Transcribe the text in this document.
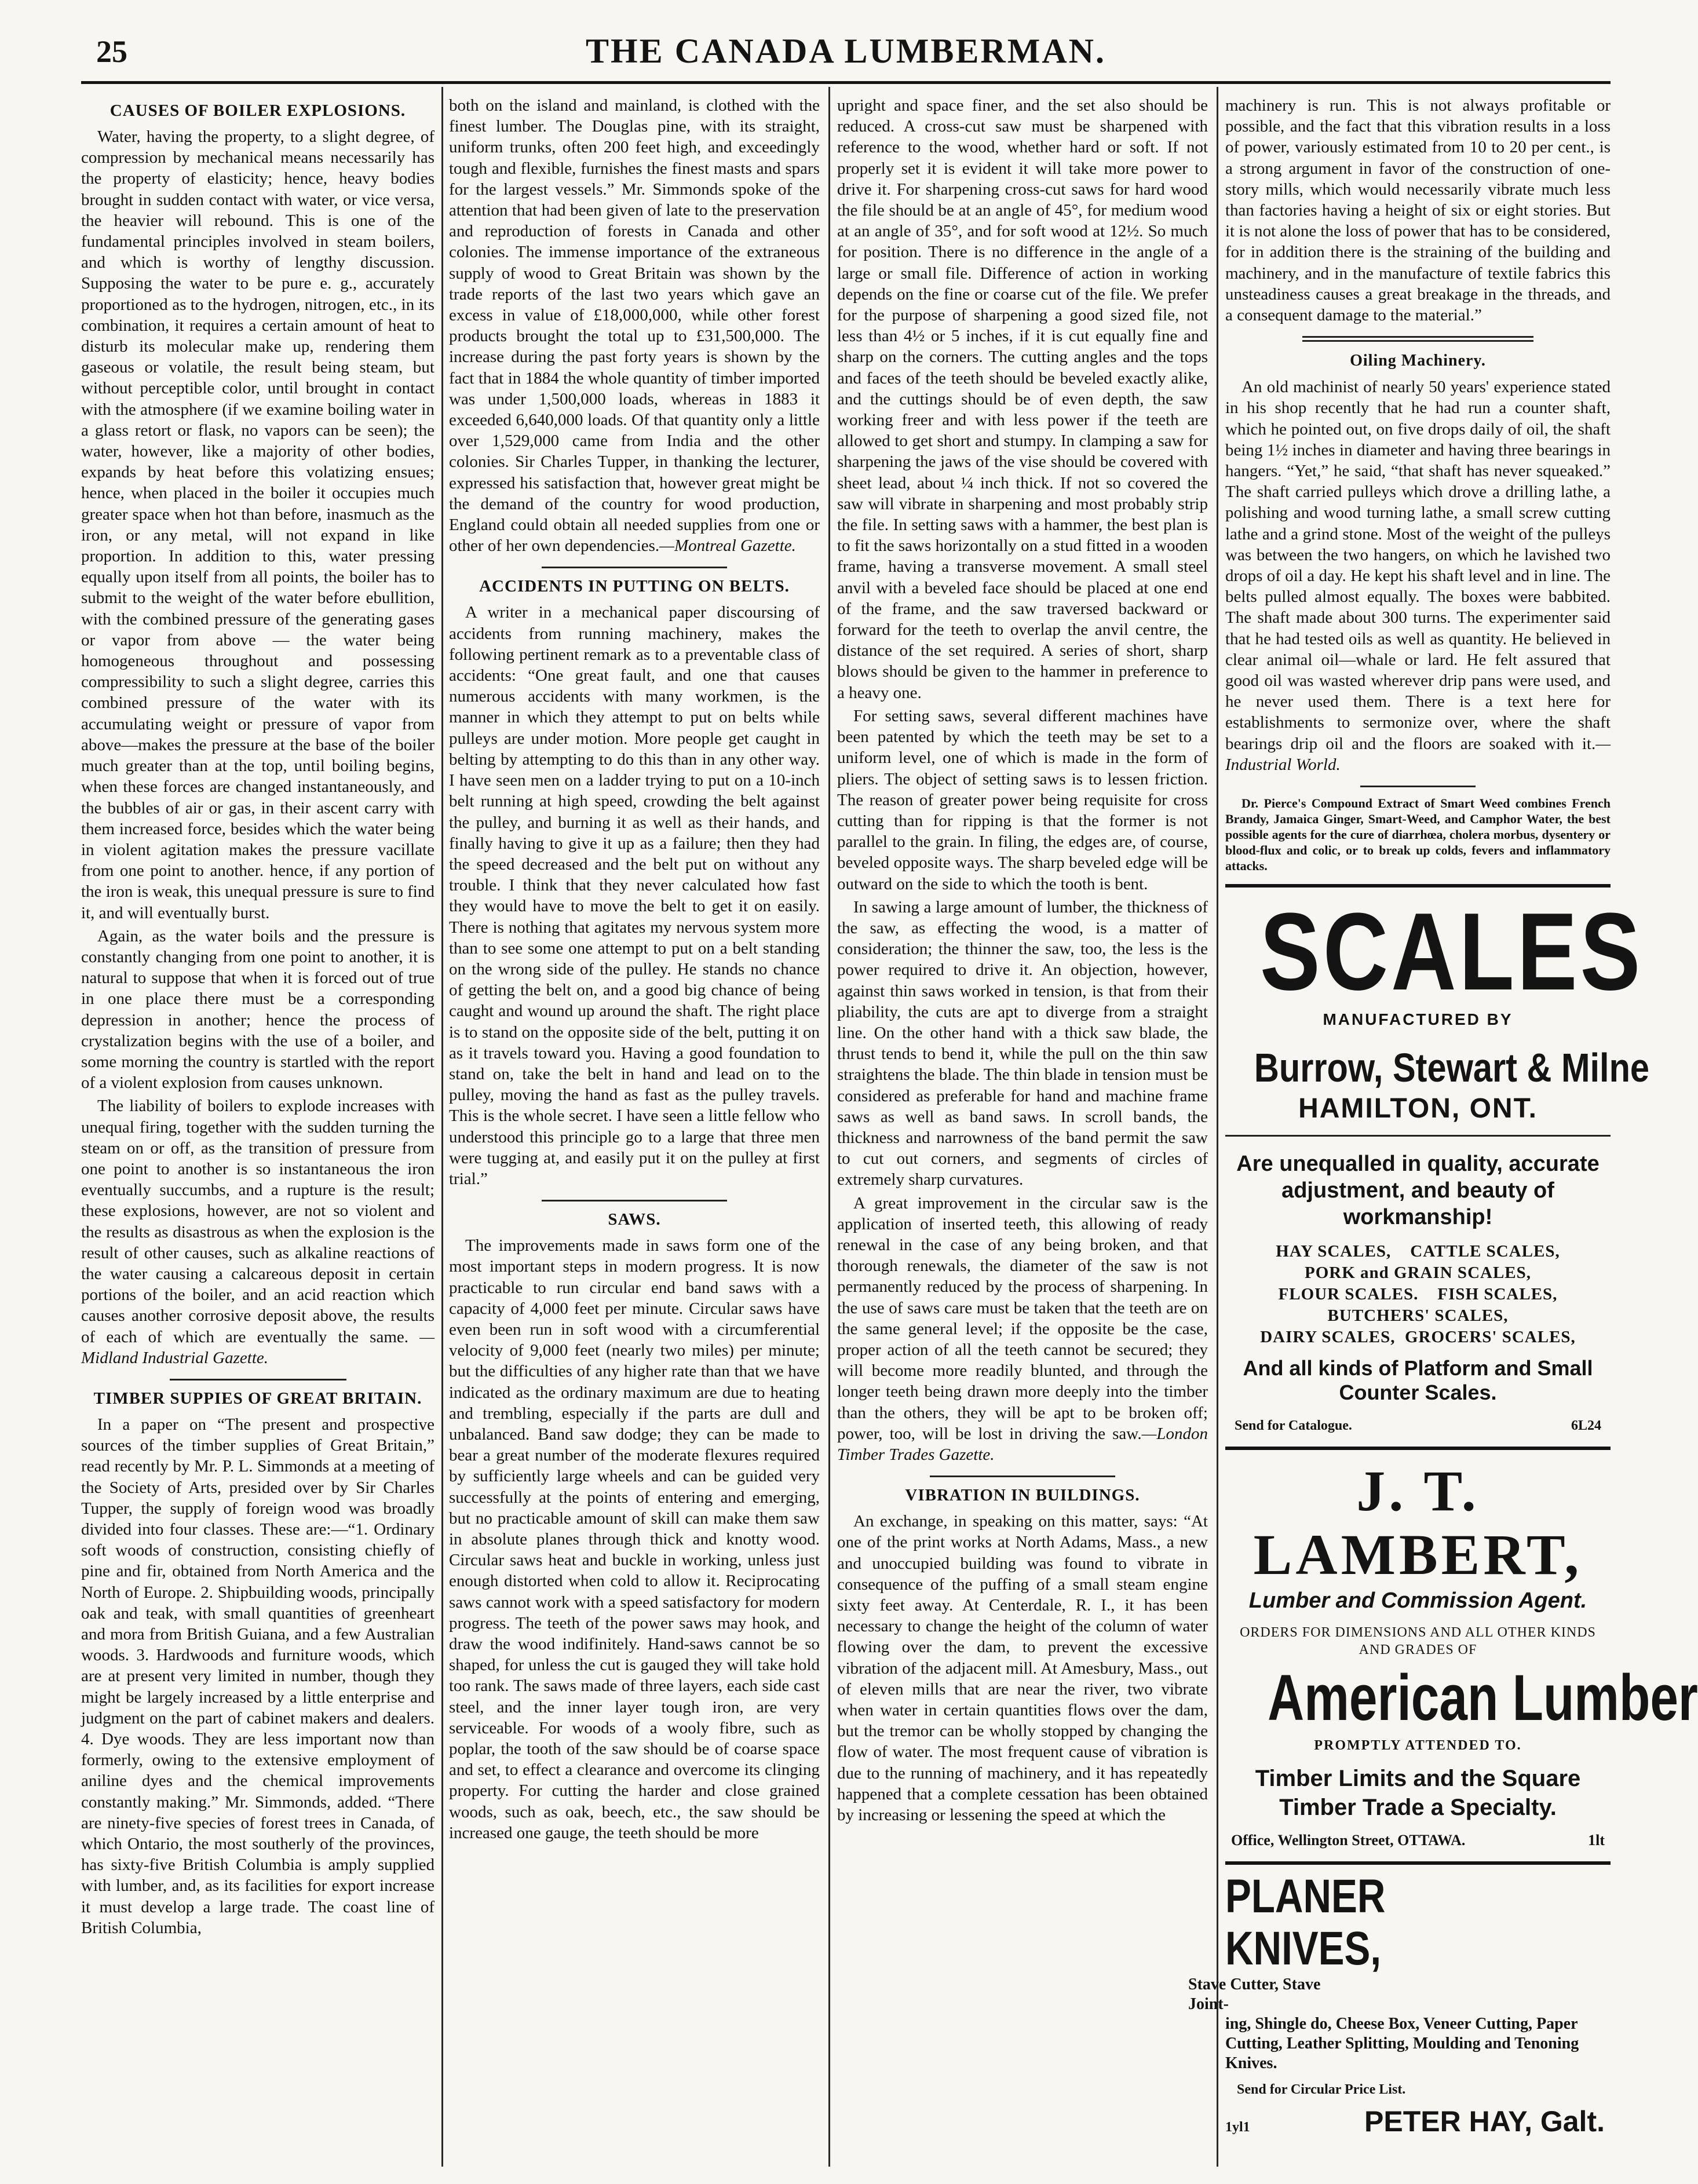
25	THE CANADA LUMBERMAN.
CAUSES OF BOILER EXPLOSIONS.

Water, having the property, to a slight degree, of compression by mechanical means necessarily has the property of elasticity; hence, heavy bodies brought in sudden contact with water, or vice versa, the heavier will rebound. This is one of the fundamental principles involved in steam boilers, and which is worthy of lengthy discussion. Supposing the water to be pure e. g., accurately proportioned as to the hydrogen, nitrogen, etc., in its combination, it requires a certain amount of heat to disturb its molecular make up, rendering them gaseous or volatile, the result being steam, but without perceptible color, until brought in contact with the atmosphere (if we examine boiling water in a glass retort or flask, no vapors can be seen); the water, however, like a majority of other bodies, expands by heat before this volatizing ensues; hence, when placed in the boiler it occupies much greater space when hot than before, inasmuch as the iron, or any metal, will not expand in like proportion. In addition to this, water pressing equally upon itself from all points, the boiler has to submit to the weight of the water before ebullition, with the combined pressure of the generating gases or vapor from above — the water being homogeneous throughout and possessing compressibility to such a slight degree, carries this combined pressure of the water with its accumulating weight or pressure of vapor from above—makes the pressure at the base of the boiler much greater than at the top, until boiling begins, when these forces are changed instantaneously, and the bubbles of air or gas, in their ascent carry with them increased force, besides which the water being in violent agitation makes the pressure vacillate from one point to another. hence, if any portion of the iron is weak, this unequal pressure is sure to find it, and will eventually burst.

Again, as the water boils and the pressure is constantly changing from one point to another, it is natural to suppose that when it is forced out of true in one place there must be a corresponding depression in another; hence the process of crystalization begins with the use of a boiler, and some morning the country is startled with the report of a violent explosion from causes unknown.

The liability of boilers to explode increases with unequal firing, together with the sudden turning the steam on or off, as the transition of pressure from one point to another is so instantaneous the iron eventually succumbs, and a rupture is the result; these explosions, however, are not so violent and the results as disastrous as when the explosion is the result of other causes, such as alkaline reactions of the water causing a calcareous deposit in certain portions of the boiler, and an acid reaction which causes another corrosive deposit above, the results of each of which are eventually the same. —Midland Industrial Gazette.

TIMBER SUPPIES OF GREAT BRITAIN.

In a paper on “The present and prospective sources of the timber supplies of Great Britain,” read recently by Mr. P. L. Simmonds at a meeting of the Society of Arts, presided over by Sir Charles Tupper, the supply of foreign wood was broadly divided into four classes. These are:—“1. Ordinary soft woods of construction, consisting chiefly of pine and fir, obtained from North America and the North of Europe. 2. Shipbuilding woods, principally oak and teak, with small quantities of greenheart and mora from British Guiana, and a few Australian woods. 3. Hardwoods and furniture woods, which are at present very limited in number, though they might be largely increased by a little enterprise and judgment on the part of cabinet makers and dealers. 4. Dye woods. They are less important now than formerly, owing to the extensive employment of aniline dyes and the chemical improvements constantly making.” Mr. Simmonds, added. “There are ninety-five species of forest trees in Canada, of which Ontario, the most southerly of the provinces, has sixty-five British Columbia is amply supplied with lumber, and, as its facilities for export increase it must develop a large trade. The coast line of British Columbia,

both on the island and mainland, is clothed with the finest lumber. The Douglas pine, with its straight, uniform trunks, often 200 feet high, and exceedingly tough and flexible, furnishes the finest masts and spars for the largest vessels.” Mr. Simmonds spoke of the attention that had been given of late to the preservation and reproduction of forests in Canada and other colonies. The immense importance of the extraneous supply of wood to Great Britain was shown by the trade reports of the last two years which gave an excess in value of £18,000,000, while other forest products brought the total up to £31,500,000. The increase during the past forty years is shown by the fact that in 1884 the whole quantity of timber imported was under 1,500,000 loads, whereas in 1883 it exceeded 6,640,000 loads. Of that quantity only a little over 1,529,000 came from India and the other colonies. Sir Charles Tupper, in thanking the lecturer, expressed his satisfaction that, however great might be the demand of the country for wood production, England could obtain all needed supplies from one or other of her own dependencies.—Montreal Gazette.

ACCIDENTS IN PUTTING ON BELTS.

A writer in a mechanical paper discoursing of accidents from running machinery, makes the following pertinent remark as to a preventable class of accidents: “One great fault, and one that causes numerous accidents with many workmen, is the manner in which they attempt to put on belts while pulleys are under motion. More people get caught in belting by attempting to do this than in any other way. I have seen men on a ladder trying to put on a 10-inch belt running at high speed, crowding the belt against the pulley, and burning it as well as their hands, and finally having to give it up as a failure; then they had the speed decreased and the belt put on without any trouble. I think that they never calculated how fast they would have to move the belt to get it on easily. There is nothing that agitates my nervous system more than to see some one attempt to put on a belt standing on the wrong side of the pulley. He stands no chance of getting the belt on, and a good big chance of being caught and wound up around the shaft. The right place is to stand on the opposite side of the belt, putting it on as it travels toward you. Having a good foundation to stand on, take the belt in hand and lead on to the pulley, moving the hand as fast as the pulley travels. This is the whole secret. I have seen a little fellow who understood this principle go to a large that three men were tugging at, and easily put it on the pulley at first trial.”

SAWS.

The improvements made in saws form one of the most important steps in modern progress. It is now practicable to run circular end band saws with a capacity of 4,000 feet per minute. Circular saws have even been run in soft wood with a circumferential velocity of 9,000 feet (nearly two miles) per minute; but the difficulties of any higher rate than that we have indicated as the ordinary maximum are due to heating and trembling, especially if the parts are dull and unbalanced. Band saw dodge; they can be made to bear a great number of the moderate flexures required by sufficiently large wheels and can be guided very successfully at the points of entering and emerging, but no practicable amount of skill can make them saw in absolute planes through thick and knotty wood. Circular saws heat and buckle in working, unless just enough distorted when cold to allow it. Reciprocating saws cannot work with a speed satisfactory for modern progress. The teeth of the power saws may hook, and draw the wood indifinitely. Hand-saws cannot be so shaped, for unless the cut is gauged they will take hold too rank. The saws made of three layers, each side cast steel, and the inner layer tough iron, are very serviceable. For woods of a wooly fibre, such as poplar, the tooth of the saw should be of coarse space and set, to effect a clearance and overcome its clinging property. For cutting the harder and close grained woods, such as oak, beech, etc., the saw should be increased one gauge, the teeth should be more

upright and space finer, and the set also should be reduced. A cross-cut saw must be sharpened with reference to the wood, whether hard or soft. If not properly set it is evident it will take more power to drive it. For sharpening cross-cut saws for hard wood the file should be at an angle of 45°, for medium wood at an angle of 35°, and for soft wood at 12½. So much for position. There is no difference in the angle of a large or small file. Difference of action in working depends on the fine or coarse cut of the file. We prefer for the purpose of sharpening a good sized file, not less than 4½ or 5 inches, if it is cut equally fine and sharp on the corners. The cutting angles and the tops and faces of the teeth should be beveled exactly alike, and the cuttings should be of even depth, the saw working freer and with less power if the teeth are allowed to get short and stumpy. In clamping a saw for sharpening the jaws of the vise should be covered with sheet lead, about ¼ inch thick. If not so covered the saw will vibrate in sharpening and most probably strip the file. In setting saws with a hammer, the best plan is to fit the saws horizontally on a stud fitted in a wooden frame, having a transverse movement. A small steel anvil with a beveled face should be placed at one end of the frame, and the saw traversed backward or forward for the teeth to overlap the anvil centre, the distance of the set required. A series of short, sharp blows should be given to the hammer in preference to a heavy one.

For setting saws, several different machines have been patented by which the teeth may be set to a uniform level, one of which is made in the form of pliers. The object of setting saws is to lessen friction. The reason of greater power being requisite for cross cutting than for ripping is that the former is not parallel to the grain. In filing, the edges are, of course, beveled opposite ways. The sharp beveled edge will be outward on the side to which the tooth is bent.

In sawing a large amount of lumber, the thickness of the saw, as effecting the wood, is a matter of consideration; the thinner the saw, too, the less is the power required to drive it. An objection, however, against thin saws worked in tension, is that from their pliability, the cuts are apt to diverge from a straight line. On the other hand with a thick saw blade, the thrust tends to bend it, while the pull on the thin saw straightens the blade. The thin blade in tension must be considered as preferable for hand and machine frame saws as well as band saws. In scroll bands, the thickness and narrowness of the band permit the saw to cut out corners, and segments of circles of extremely sharp curvatures.

A great improvement in the circular saw is the application of inserted teeth, this allowing of ready renewal in the case of any being broken, and that thorough renewals, the diameter of the saw is not permanently reduced by the process of sharpening. In the use of saws care must be taken that the teeth are on the same general level; if the opposite be the case, proper action of all the teeth cannot be secured; they will become more readily blunted, and through the longer teeth being drawn more deeply into the timber than the others, they will be apt to be broken off; power, too, will be lost in driving the saw.—London Timber Trades Gazette.

VIBRATION IN BUILDINGS.

An exchange, in speaking on this matter, says: “At one of the print works at North Adams, Mass., a new and unoccupied building was found to vibrate in consequence of the puffing of a small steam engine sixty feet away. At Centerdale, R. I., it has been necessary to change the height of the column of water flowing over the dam, to prevent the excessive vibration of the adjacent mill. At Amesbury, Mass., out of eleven mills that are near the river, two vibrate when water in certain quantities flows over the dam, but the tremor can be wholly stopped by changing the flow of water. The most frequent cause of vibration is due to the running of machinery, and it has repeatedly happened that a complete cessation has been obtained by increasing or lessening the speed at which the

machinery is run. This is not always profitable or possible, and the fact that this vibration results in a loss of power, variously estimated from 10 to 20 per cent., is a strong argument in favor of the construction of one-story mills, which would necessarily vibrate much less than factories having a height of six or eight stories. But it is not alone the loss of power that has to be considered, for in addition there is the straining of the building and machinery, and in the manufacture of textile fabrics this unsteadiness causes a great breakage in the threads, and a consequent damage to the material.”

Oiling Machinery.

An old machinist of nearly 50 years' experience stated in his shop recently that he had run a counter shaft, which he pointed out, on five drops daily of oil, the shaft being 1½ inches in diameter and having three bearings in hangers. “Yet,” he said, “that shaft has never squeaked.” The shaft carried pulleys which drove a drilling lathe, a polishing and wood turning lathe, a small screw cutting lathe and a grind stone. Most of the weight of the pulleys was between the two hangers, on which he lavished two drops of oil a day. He kept his shaft level and in line. The belts pulled almost equally. The boxes were babbited. The shaft made about 300 turns. The experimenter said that he had tested oils as well as quantity. He believed in clear animal oil—whale or lard. He felt assured that good oil was wasted wherever drip pans were used, and he never used them. There is a text here for establishments to sermonize over, where the shaft bearings drip oil and the floors are soaked with it.—Industrial World.

Dr. Pierce's Compound Extract of Smart Weed combines French Brandy, Jamaica Ginger, Smart-Weed, and Camphor Water, the best possible agents for the cure of diarrhœa, cholera morbus, dysentery or blood-flux and colic, or to break up colds, fevers and inflammatory attacks.
SCALES
MANUFACTURED BY
Burrow, Stewart & Milne
HAMILTON, ONT.
Are unequalled in quality, accurate adjustment, and beauty of workmanship!
HAY SCALES,    CATTLE SCALES,
PORK and GRAIN SCALES,
FLOUR SCALES.    FISH SCALES,
BUTCHERS' SCALES,
DAIRY SCALES,  GROCERS' SCALES,
And all kinds of Platform and Small Counter Scales.
Send for Catalogue.	6L24
J. T. LAMBERT,
Lumber and Commission Agent.
ORDERS FOR DIMENSIONS AND ALL OTHER KINDS AND GRADES OF
American Lumber
PROMPTLY ATTENDED TO.
Timber Limits and the Square Timber Trade a Specialty.
Office, Wellington Street, OTTAWA.	1lt
PLANER KNIVES, Stave Cutter, Stave Joint-
ing, Shingle do, Cheese Box, Veneer Cutting, Paper Cutting, Leather Splitting, Moulding and Tenoning Knives.
Send for Circular Price List.
1yl1	PETER HAY, Galt.
